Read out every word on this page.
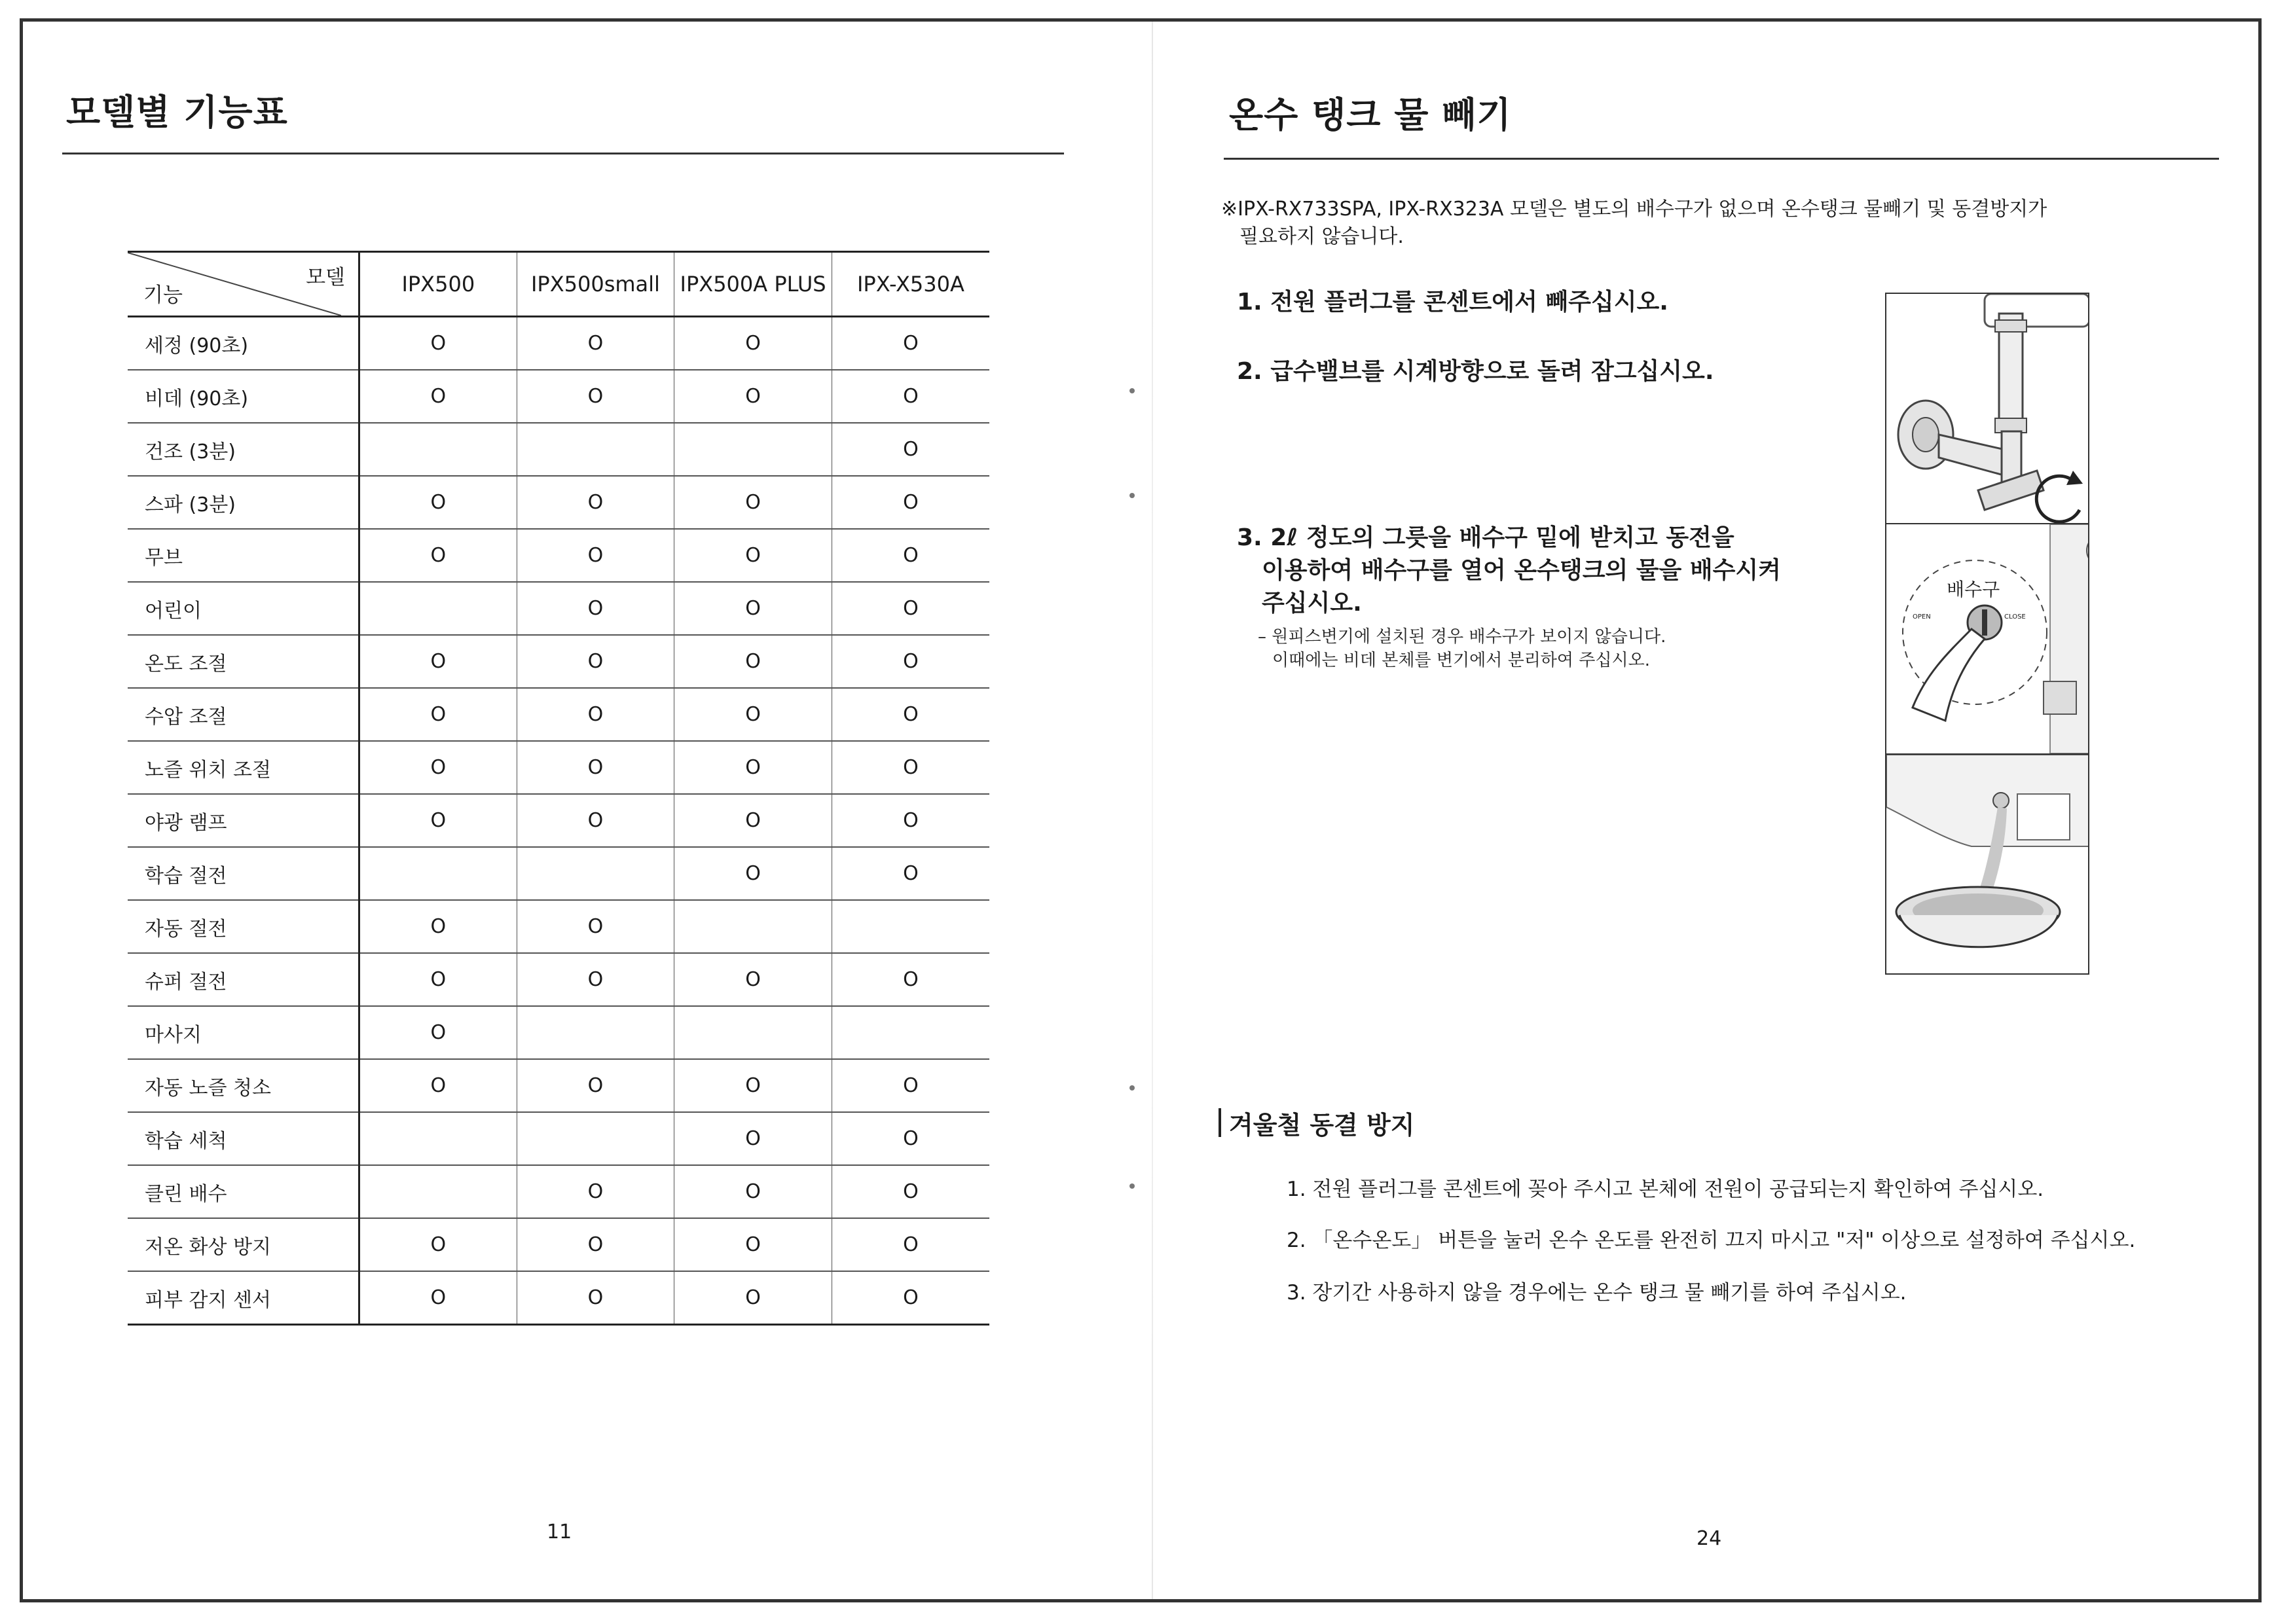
모델별 기능표
모델
기능	IPX500	IPX500small	IPX500A PLUS	IPX-X530A
세정 (90초)	O	O	O	O
비데 (90초)	O	O	O	O
건조 (3분)				O
스파 (3분)	O	O	O	O
무브	O	O	O	O
어린이		O	O	O
온도 조절	O	O	O	O
수압 조절	O	O	O	O
노즐 위치 조절	O	O	O	O
야광 램프	O	O	O	O
학습 절전			O	O
자동 절전	O	O		
슈퍼 절전	O	O	O	O
마사지	O			
자동 노즐 청소	O	O	O	O
학습 세척			O	O
클린 배수		O	O	O
저온 화상 방지	O	O	O	O
피부 감지 센서	O	O	O	O
11
온수 탱크 물 빼기
※IPX-RX733SPA, IPX-RX323A 모델은 별도의 배수구가 없으며 온수탱크 물빼기 및 동결방지가
필요하지 않습니다.
1. 전원 플러그를 콘센트에서 빼주십시오.
2. 급수밸브를 시계방향으로 돌려 잠그십시오.
3. 2ℓ 정도의 그릇을 배수구 밑에 받치고 동전을
이용하여 배수구를 열어 온수탱크의 물을 배수시켜
주십시오.
– 원피스변기에 설치된 경우 배수구가 보이지 않습니다.
이때에는 비데 본체를 변기에서 분리하여 주십시오.
배수구
OPEN	CLOSE
겨울철 동결 방지
1. 전원 플러그를 콘센트에 꽂아 주시고 본체에 전원이 공급되는지 확인하여 주십시오.
2. 「온수온도」 버튼을 눌러 온수 온도를 완전히 끄지 마시고 "저" 이상으로 설정하여 주십시오.
3. 장기간 사용하지 않을 경우에는 온수 탱크 물 빼기를 하여 주십시오.
24
